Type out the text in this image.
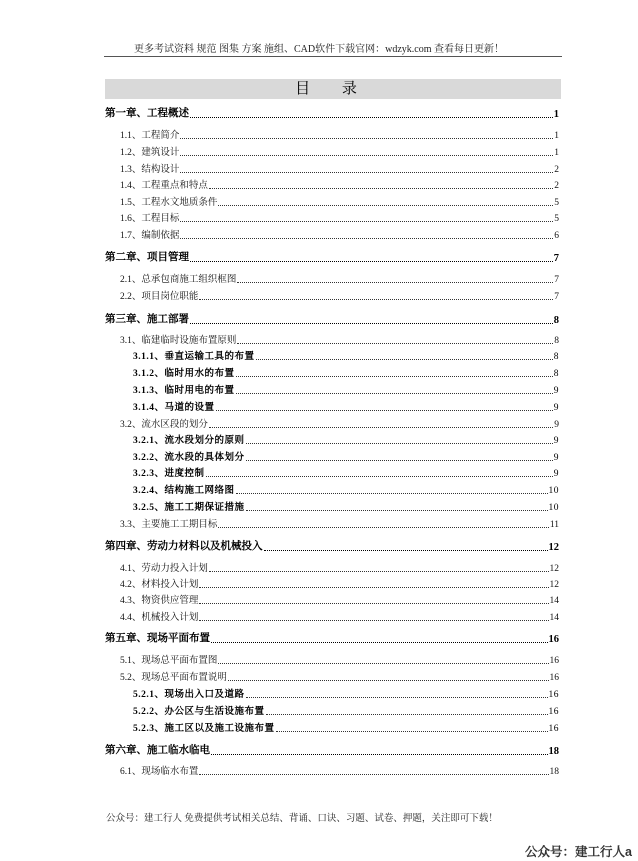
更多考试资料 规范 图集 方案 施组、CAD软件下载官网：wdzyk.com 查看每日更新！
目 录
第一章、工程概述	1
1.1、工程简介	1
1.2、建筑设计	1
1.3、结构设计	2
1.4、工程重点和特点	2
1.5、工程水文地质条件	5
1.6、工程目标	5
1.7、编制依据	6
第二章、项目管理	7
2.1、总承包商施工组织框图	7
2.2、项目岗位职能	7
第三章、施工部署	8
3.1、临建临时设施布置原则	8
3.1.1、垂直运输工具的布置	8
3.1.2、临时用水的布置	8
3.1.3、临时用电的布置	9
3.1.4、马道的设置	9
3.2、流水区段的划分	9
3.2.1、流水段划分的原则	9
3.2.2、流水段的具体划分	9
3.2.3、进度控制	9
3.2.4、结构施工网络图	10
3.2.5、施工工期保证措施	10
3.3、主要施工工期目标	11
第四章、劳动力材料以及机械投入	12
4.1、劳动力投入计划	12
4.2、材料投入计划	12
4.3、物资供应管理	14
4.4、机械投入计划	14
第五章、现场平面布置	16
5.1、现场总平面布置图	16
5.2、现场总平面布置说明	16
5.2.1、现场出入口及道路	16
5.2.2、办公区与生活设施布置	16
5.2.3、施工区以及施工设施布置	16
第六章、施工临水临电	18
6.1、现场临水布置	18
公众号：建工行人 免费提供考试相关总结、背诵、口诀、习题、试卷、押题，关注即可下载！
公众号：建工行人a
